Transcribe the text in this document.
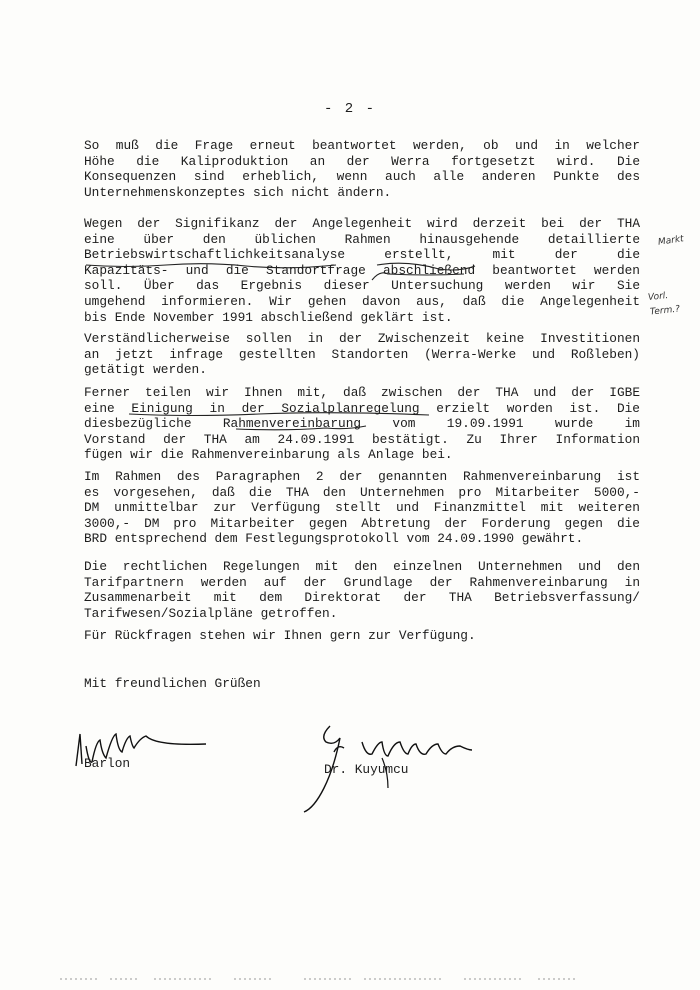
- 2 -
So muß die Frage erneut beantwortet werden, ob und in welcher
Höhe die Kaliproduktion an der Werra fortgesetzt wird. Die
Konsequenzen sind erheblich, wenn auch alle anderen Punkte des
Unternehmenskonzeptes sich nicht ändern.
Wegen der Signifikanz der Angelegenheit wird derzeit bei der THA
eine über den üblichen Rahmen hinausgehende detaillierte
Betriebswirtschaftlichkeitsanalyse erstellt, mit der die
Kapazitäts- und die Standortfrage abschließend beantwortet werden
soll. Über das Ergebnis dieser Untersuchung werden wir Sie
umgehend informieren. Wir gehen davon aus, daß die Angelegenheit
bis Ende November 1991 abschließend geklärt ist.
Verständlicherweise sollen in der Zwischenzeit keine Investitionen
an jetzt infrage gestellten Standorten (Werra-Werke und Roßleben)
getätigt werden.
Ferner teilen wir Ihnen mit, daß zwischen der THA und der IGBE
eine Einigung in der Sozialplanregelung erzielt worden ist. Die
diesbezügliche Rahmenvereinbarung vom 19.09.1991 wurde im
Vorstand der THA am 24.09.1991 bestätigt. Zu Ihrer Information
fügen wir die Rahmenvereinbarung als Anlage bei.
Im Rahmen des Paragraphen 2 der genannten Rahmenvereinbarung ist
es vorgesehen, daß die THA den Unternehmen pro Mitarbeiter 5000,-
DM unmittelbar zur Verfügung stellt und Finanzmittel mit weiteren
3000,- DM pro Mitarbeiter gegen Abtretung der Forderung gegen die
BRD entsprechend dem Festlegungsprotokoll vom 24.09.1990 gewährt.
Die rechtlichen Regelungen mit den einzelnen Unternehmen und den
Tarifpartnern werden auf der Grundlage der Rahmenvereinbarung in
Zusammenarbeit mit dem Direktorat der THA Betriebsverfassung/
Tarifwesen/Sozialpläne getroffen.
Für Rückfragen stehen wir Ihnen gern zur Verfügung.
Markt
Vorl.
Term.?
Mit freundlichen Grüßen
Barlon	Dr. Kuyumcu
